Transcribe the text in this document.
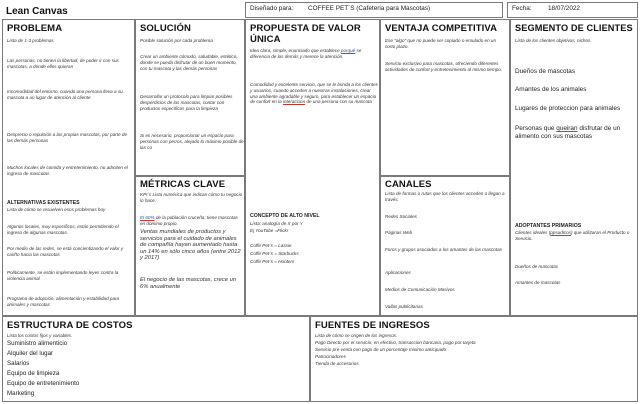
Lean Canvas	Diseñado para: COFFEE PET´S (Cafeteria para Mascotas)	Fecha:	18/07/2022
PROBLEMA
Lista de 1-3 problemas
Las personas, no tienen la libertad, de poder ir con sus mascotas, a donde ellos quieran
Incomodidad del entorno, cuando una persona lleva a su mascota a un lugar de atención al cliente
Desprecio o repulsión a las propias mascotas, por parte de las demás personas
Muchos locales de comida y entretenimiento, no admiten el ingreso de mascotas
ALTERNATIVAS EXISTENTES
Lista de cómo se resuelven esos problemas hoy
Algunos locales, muy específicos, están permitiendo el ingreso de algunas mascotas.
Por medio de las redes, se está concientizando el valor y cariño hacia las mascotas
Políticamente, se están implementando leyes contra la violencia animal
Programa de adopción, alimentación y estabilidad para animales y mascotas
SOLUCIÓN
Posible solución por cada problema
Crear un ambiente cómodo, saludable, estético, donde se pueda disfrutar de un buen momento, con tu mascota y las demás personas
Desarrollar un protocolo para limpiar posibles desperdicios de las mascotas, contar con productos específicos para la limpieza
Si es necesario, proporcionar un espacio para personas con perros, alejado lo máximo posible de las co
MÉTRICAS CLAVE
KPI´s Lista numérica que indican cómo tu negocio lo hace.
El 60% de la población cruceña; tiene mascotas en dominio propio.
Ventas mundiales de productos y servicios para el cuidado de animales de compañía hayan aumentado hasta un 14% en sólo cinco años (entre 2012 y 2017)
El negocio de las mascotas, crece un 6% anualmente
PROPUESTA DE VALOR ÚNICA
Idea clara, simple, enunciado que establece porqué se diferencia de los demás y merece la atención.
Comodidad y excelente servicio, que se le brinda a los clientes y usuarios, cuando acceden a nuestras instalaciones, crear una ambiente agradable y seguro, para establecer un espacio de confort en la interaccion de una persona con su mascota
CONCEPTO DE ALTO NIVEL
Lista: analogía de X por Y
Ej YouTube =Flickr
Coffe Pet´s = Lassie
Coffe Pet´s = Starbucks
Coffe Pet´s = Hooters
VENTAJA COMPETITIVA
Ese "algo" que no puede ser copiado o emulado en un corto plazo.
Servicio exclusivo para mascotas, ofreciendo diferentes actividades de confort y entretenimiento al mismo tiempo.
CANALES
Lista de formas o rutas que los clientes acceden o llegan a través.
Redes Sociales
Páginas Web
Foros y grupos asociados a los amantes de las mascotas
Aplicaciones
Medios de Comunicación Masivos
Vallas publicitarias
SEGMENTO DE CLIENTES
Lista de los clientes objetivos, nichos.
Dueños de mascotas
Amantes de los animales
Lugares de proteccion para animales
Personas que queiran disfrutar de un alimento con sus mascotas
ADOPTANTES PRIMARIOS
Clientes ideales (ppsudicos) que utilizaran el Producto o Servicio.
Dueños de mascotas
Amantes de mascotas
ESTRUCTURA DE COSTOS
Lista los costos fijos y variables.
Suministro alimenticio
Alquiler del lugar
Salarios
Equipo de limpieza
Equipo de entretenimiento
Marketing
FUENTES DE INGRESOS
Lista de cómo se origen de los ingresos.
Pago Directo por el servicio, en efectivo, transaccion bancaria, pago por tarjeta
Servicio pre-venta con pago de un porcentaje minimo anticipado
Patrocinadores
Tienda de accesorios
